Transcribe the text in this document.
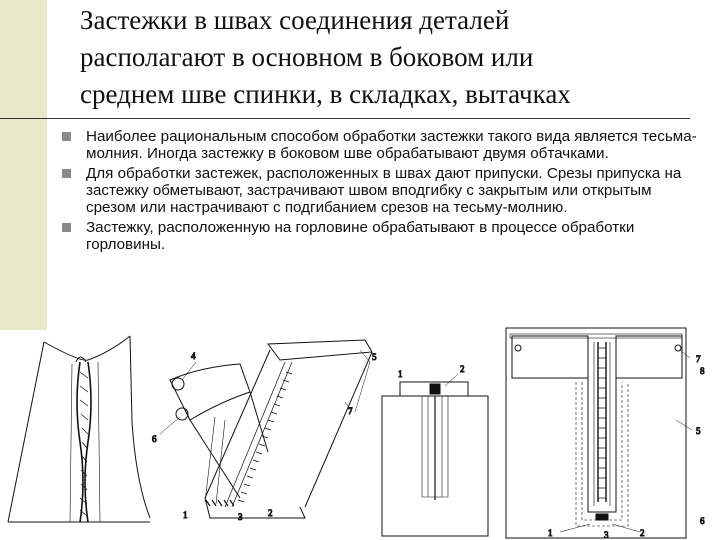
Застежки в швах соединения деталей
располагают в основном в боковом или
среднем шве спинки, в складках, вытачках
Наиболее рациональным способом обработки застежки такого вида является тесьма-молния. Иногда застежку в боковом шве обрабатывают двумя обтачками.
Для обработки застежек, расположенных в швах дают припуски. Срезы припуска на застежку обметывают, застрачивают швом вподгибку с закрытым или открытым срезом или настрачивают с подгибанием срезов на тесьму-молнию.
Застежку, расположенную на горловине обрабатывают в процессе обработки горловины.
4	5
7
6
1	3	2
1	2
7
8
5
6
1	3	2
